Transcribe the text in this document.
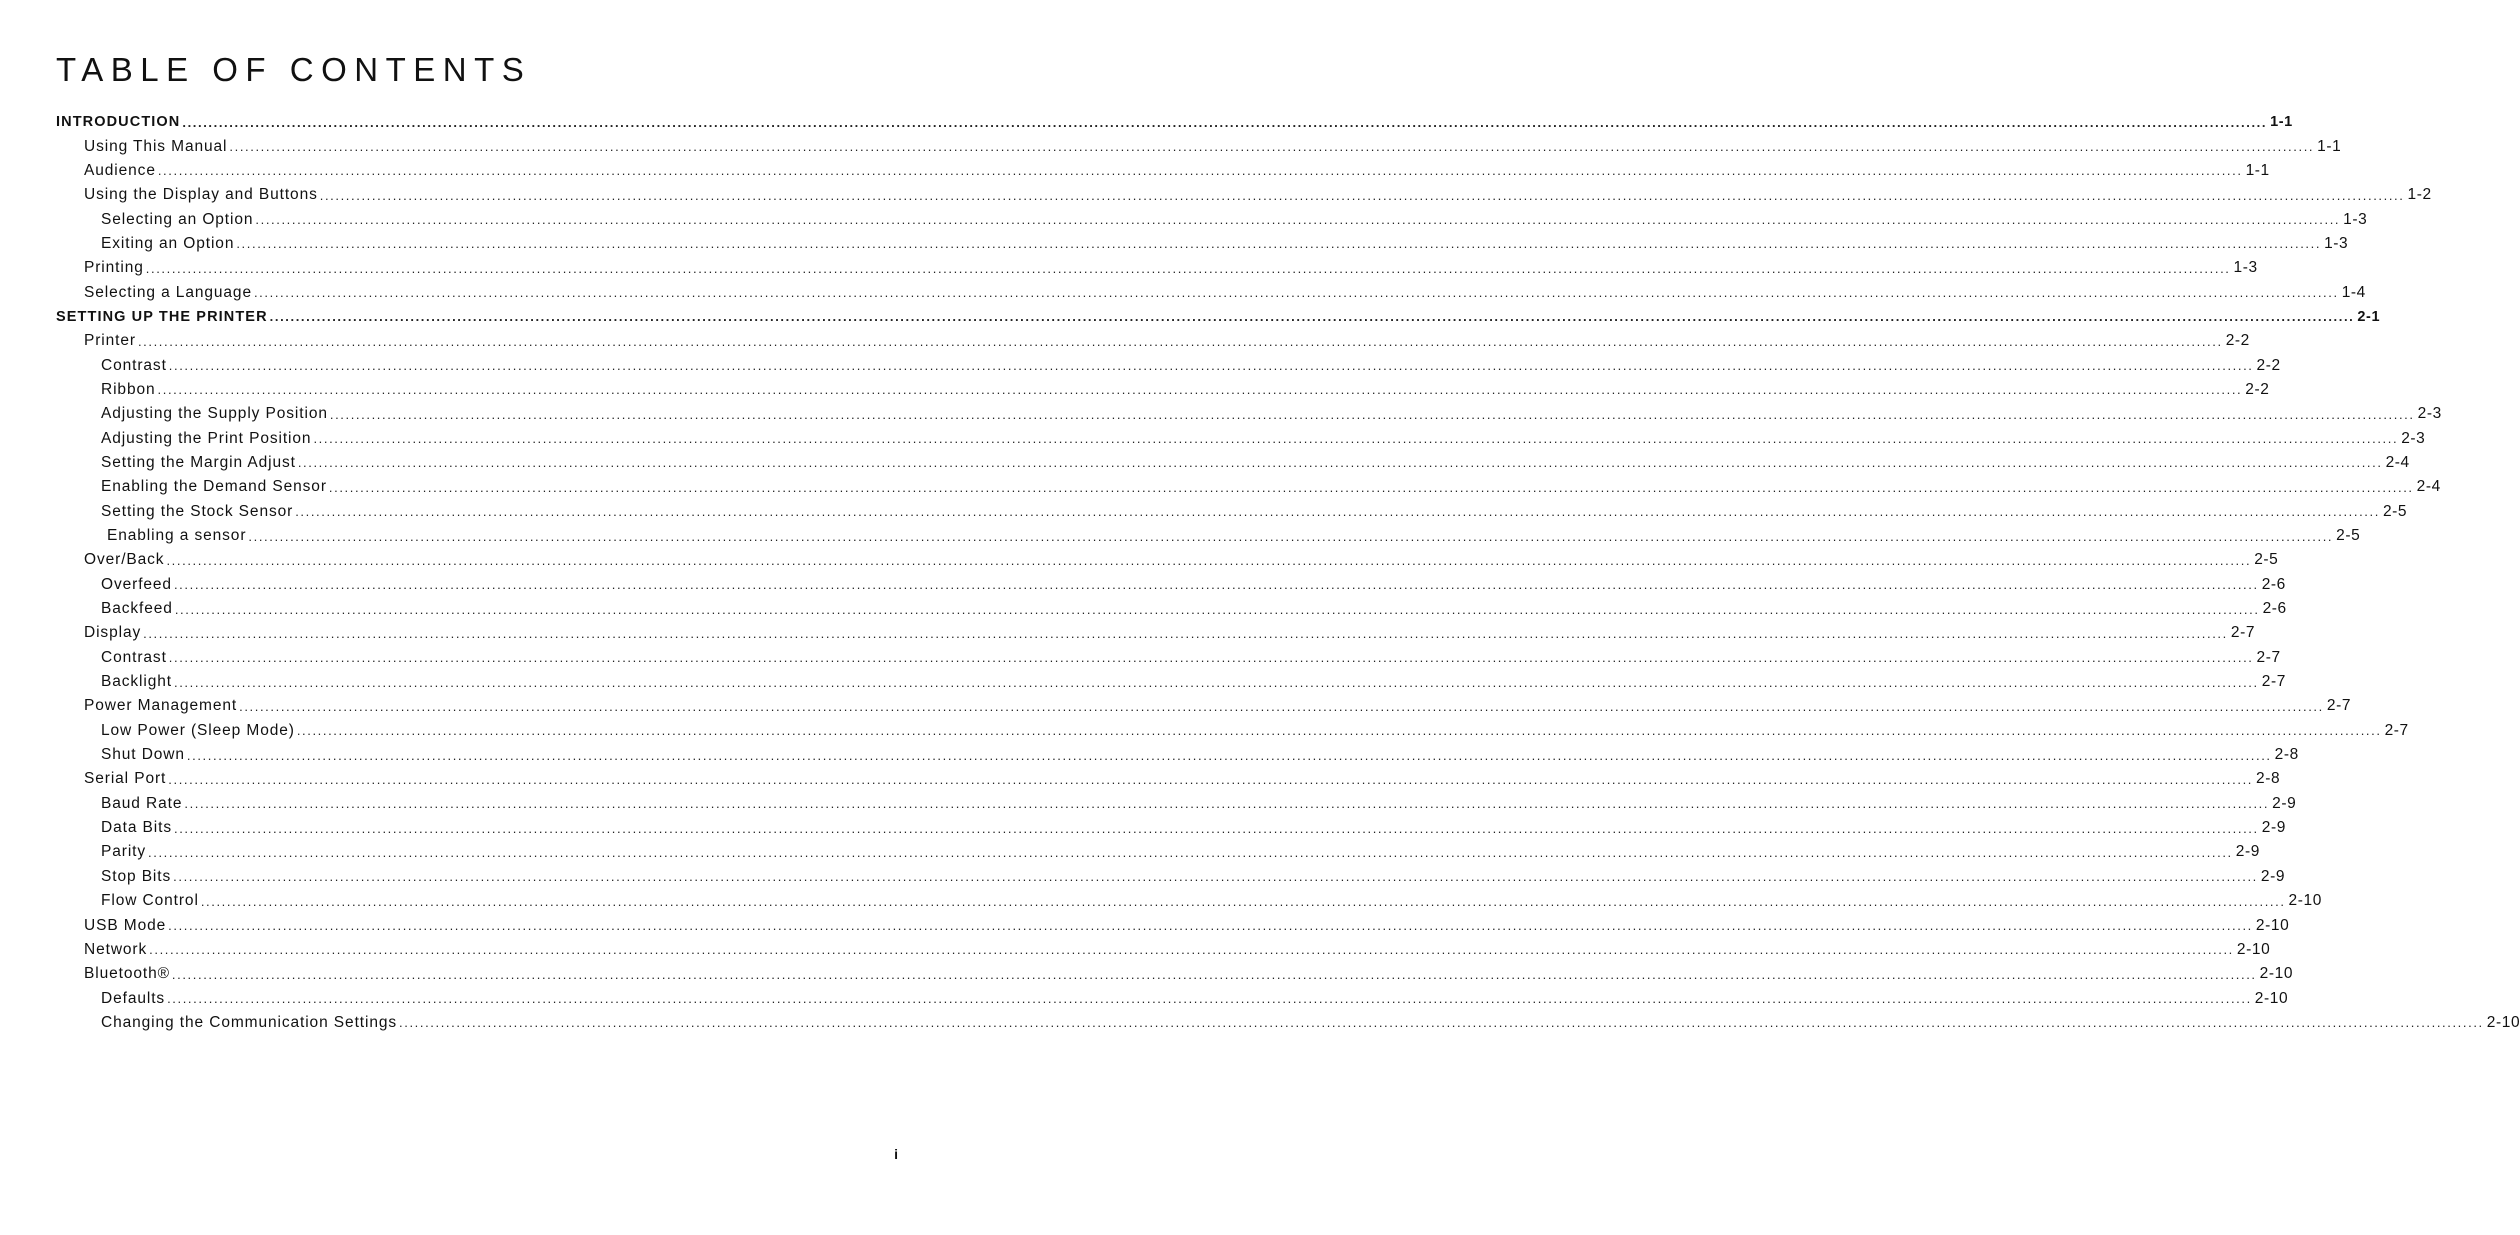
TABLE OF CONTENTS
INTRODUCTION ................................................................................................................................................................................................................................................................................................................................................................................................................ 1-1
Using This Manual ................................................................................................................................................................................................................................................................................................................................................................................................................ 1-1
Audience ................................................................................................................................................................................................................................................................................................................................................................................................................ 1-1
Using the Display and Buttons ................................................................................................................................................................................................................................................................................................................................................................................................................ 1-2
Selecting an Option ................................................................................................................................................................................................................................................................................................................................................................................................................ 1-3
Exiting an Option ................................................................................................................................................................................................................................................................................................................................................................................................................ 1-3
Printing ................................................................................................................................................................................................................................................................................................................................................................................................................ 1-3
Selecting a Language ................................................................................................................................................................................................................................................................................................................................................................................................................ 1-4
SETTING UP THE PRINTER ................................................................................................................................................................................................................................................................................................................................................................................................................ 2-1
Printer ................................................................................................................................................................................................................................................................................................................................................................................................................ 2-2
Contrast ................................................................................................................................................................................................................................................................................................................................................................................................................ 2-2
Ribbon ................................................................................................................................................................................................................................................................................................................................................................................................................ 2-2
Adjusting the Supply Position ................................................................................................................................................................................................................................................................................................................................................................................................................ 2-3
Adjusting the Print Position ................................................................................................................................................................................................................................................................................................................................................................................................................ 2-3
Setting the Margin Adjust ................................................................................................................................................................................................................................................................................................................................................................................................................ 2-4
Enabling the Demand Sensor ................................................................................................................................................................................................................................................................................................................................................................................................................ 2-4
Setting the Stock Sensor ................................................................................................................................................................................................................................................................................................................................................................................................................ 2-5
Enabling a sensor ................................................................................................................................................................................................................................................................................................................................................................................................................ 2-5
Over/Back ................................................................................................................................................................................................................................................................................................................................................................................................................ 2-5
Overfeed ................................................................................................................................................................................................................................................................................................................................................................................................................ 2-6
Backfeed ................................................................................................................................................................................................................................................................................................................................................................................................................ 2-6
Display ................................................................................................................................................................................................................................................................................................................................................................................................................ 2-7
Contrast ................................................................................................................................................................................................................................................................................................................................................................................................................ 2-7
Backlight ................................................................................................................................................................................................................................................................................................................................................................................................................ 2-7
Power Management ................................................................................................................................................................................................................................................................................................................................................................................................................ 2-7
Low Power (Sleep Mode) ................................................................................................................................................................................................................................................................................................................................................................................................................ 2-7
Shut Down ................................................................................................................................................................................................................................................................................................................................................................................................................ 2-8
Serial Port ................................................................................................................................................................................................................................................................................................................................................................................................................ 2-8
Baud Rate ................................................................................................................................................................................................................................................................................................................................................................................................................ 2-9
Data Bits ................................................................................................................................................................................................................................................................................................................................................................................................................ 2-9
Parity ................................................................................................................................................................................................................................................................................................................................................................................................................ 2-9
Stop Bits ................................................................................................................................................................................................................................................................................................................................................................................................................ 2-9
Flow Control ................................................................................................................................................................................................................................................................................................................................................................................................................ 2-10
USB Mode ................................................................................................................................................................................................................................................................................................................................................................................................................ 2-10
Network ................................................................................................................................................................................................................................................................................................................................................................................................................ 2-10
Bluetooth® ................................................................................................................................................................................................................................................................................................................................................................................................................ 2-10
Defaults ................................................................................................................................................................................................................................................................................................................................................................................................................ 2-10
Changing the Communication Settings ................................................................................................................................................................................................................................................................................................................................................................................................................ 2-10
i
